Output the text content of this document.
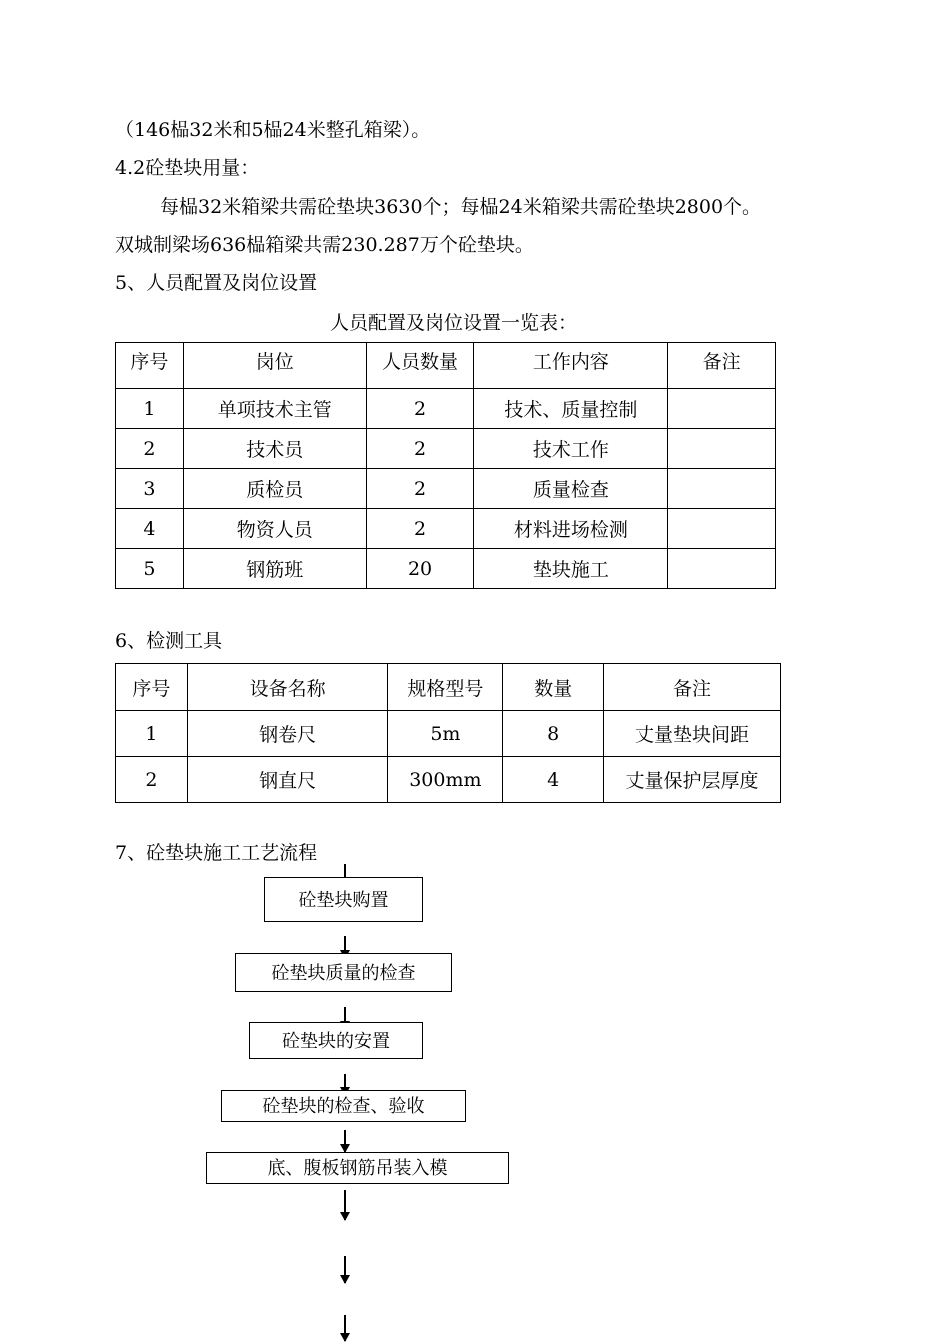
（146榀32米和5榀24米整孔箱梁）。
4.2砼垫块用量：
每榀32米箱梁共需砼垫块3630个；每榀24米箱梁共需砼垫块2800个。
双城制梁场636榀箱梁共需230.287万个砼垫块。
5、人员配置及岗位设置
人员配置及岗位设置一览表：
序号	岗位	人员数量	工作内容	备注
1	单项技术主管	2	技术、质量控制	
2	技术员	2	技术工作	
3	质检员	2	质量检查	
4	物资人员	2	材料进场检测	
5	钢筋班	20	垫块施工	
6、检测工具
序号	设备名称	规格型号	数量	备注
1	钢卷尺	5m	8	丈量垫块间距
2	钢直尺	300mm	4	丈量保护层厚度
7、砼垫块施工工艺流程
砼垫块购置
砼垫块质量的检查
砼垫块的安置
砼垫块的检查、验收
底、腹板钢筋吊装入模
